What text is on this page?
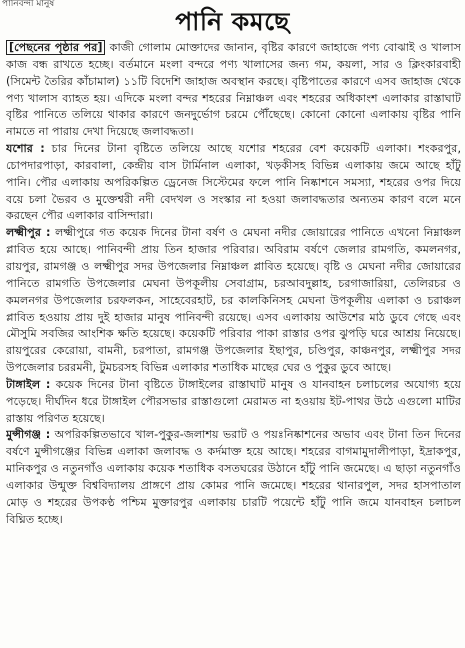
পানিবন্দী মানুষ
পানি কমছে

[পেছনের পৃষ্ঠার পর] কাজী গোলাম মোক্তাদের জানান, বৃষ্টির কারণে জাহাজে পণ্য বোঝাই ও খালাস কাজ বন্ধ রাখতে হচ্ছে। বর্তমানে মংলা বন্দরে পণ্য খালাসের জন্য গম, কয়লা, সার ও ক্লিংকারবাহী (সিমেন্ট তৈরির কাঁচামাল) ১১টি বিদেশি জাহাজ অবস্থান করছে। বৃষ্টিপাতের কারণে এসব জাহাজ থেকে পণ্য খালাস ব্যাহত হয়। এদিকে মংলা বন্দর শহরের নিম্নাঞ্চল এবং শহরের অধিকাংশ এলাকার রাস্তাঘাট বৃষ্টির পানিতে তলিয়ে থাকার কারণে জনদুর্ভোগ চরমে পৌঁছেছে। কোনো কোনো এলাকায় বৃষ্টির পানি নামতে না পারায় দেখা দিয়েছে জলাবদ্ধতা।

যশোর : চার দিনের টানা বৃষ্টিতে তলিয়ে আছে যশোর শহরের বেশ কয়েকটি এলাকা। শংকরপুর, চোপদারপাড়া, কারবালা, কেন্দ্রীয় বাস টার্মিনাল এলাকা, খড়কীসহ বিভিন্ন এলাকায় জমে আছে হাঁটু পানি। পৌর এলাকায় অপরিকল্পিত ড্রেনেজ সিস্টেমের ফলে পানি নিষ্কাশনে সমস্যা, শহরের ওপর দিয়ে বয়ে চলা ভৈরব ও মুক্তেশ্বরী নদী বেদখল ও সংস্কার না হওয়া জলাবদ্ধতার অন্যতম কারণ বলে মনে করছেন পৌর এলাকার বাসিন্দারা।

লক্ষ্মীপুর : লক্ষ্মীপুরে গত কয়েক দিনের টানা বর্ষণ ও মেঘনা নদীর জোয়ারের পানিতে এখনো নিম্নাঞ্চল প্লাবিত হয়ে আছে। পানিবন্দী প্রায় তিন হাজার পরিবার। অবিরাম বর্ষণে জেলার রামগতি, কমলনগর, রায়পুর, রামগঞ্জ ও লক্ষ্মীপুর সদর উপজেলার নিম্নাঞ্চল প্লাবিত হয়েছে। বৃষ্টি ও মেঘনা নদীর জোয়ারের পানিতে রামগতি উপজেলার মেঘনা উপকূলীয় সেবাগ্রাম, চরআবদুল্লাহ, চরগাজারিয়া, তেলিরচর ও কমলনগর উপজেলার চরফলকন, সাহেবেরহাট, চর কালকিনিসহ মেঘনা উপকূলীয় এলাকা ও চরাঞ্চল প্লাবিত হওয়ায় প্রায় দুই হাজার মানুষ পানিবন্দী রয়েছে। এসব এলাকায় আউশের মাঠ ডুবে গেছে এবং মৌসুমি সবজির আংশিক ক্ষতি হয়েছে। কয়েকটি পরিবার পাকা রাস্তার ওপর ঝুপড়ি ঘরে আশ্রয় নিয়েছে। রায়পুরের কেরোয়া, বামনী, চরপাতা, রামগঞ্জ উপজেলার ইছাপুর, চণ্ডিপুর, কাঞ্চনপুর, লক্ষ্মীপুর সদর উপজেলার চররমনী, টুমচরসহ বিভিন্ন এলাকার শতাধিক মাছের ঘের ও পুকুর ডুবে আছে।

টাঙ্গাইল : কয়েক দিনের টানা বৃষ্টিতে টাঙ্গাইলের রাস্তাঘাট মানুষ ও যানবাহন চলাচলের অযোগ্য হয়ে পড়েছে। দীর্ঘদিন ধরে টাঙ্গাইল পৌরসভার রাস্তাগুলো মেরামত না হওয়ায় ইট-পাথর উঠে এগুলো মাটির রাস্তায় পরিণত হয়েছে।

মুন্সীগঞ্জ : অপরিকল্পিতভাবে খাল-পুকুর-জলাশয় ভরাট ও পয়ঃনিষ্কাশনের অভাব এবং টানা তিন দিনের বর্ষণে মুন্সীগঞ্জের বিভিন্ন এলাকা জলাবদ্ধ ও কর্দমাক্ত হয়ে আছে। শহরের বাগমামুদালীপাড়া, ইদ্রাকপুর, মানিকপুর ও নতুনগাঁও এলাকায় কয়েক শতাধিক বসতঘরের উঠানে হাঁটু পানি জমেছে। এ ছাড়া নতুনগাঁও এলাকার উন্মুক্ত বিশ্ববিদ্যালয় প্রাঙ্গণে প্রায় কোমর পানি জমেছে। শহরের থানারপুল, সদর হাসপাতাল মোড় ও শহরের উপকণ্ঠ পশ্চিম মুক্তারপুর এলাকায় চারটি পয়েন্টে হাঁটু পানি জমে যানবাহন চলাচল বিঘ্নিত হচ্ছে।
